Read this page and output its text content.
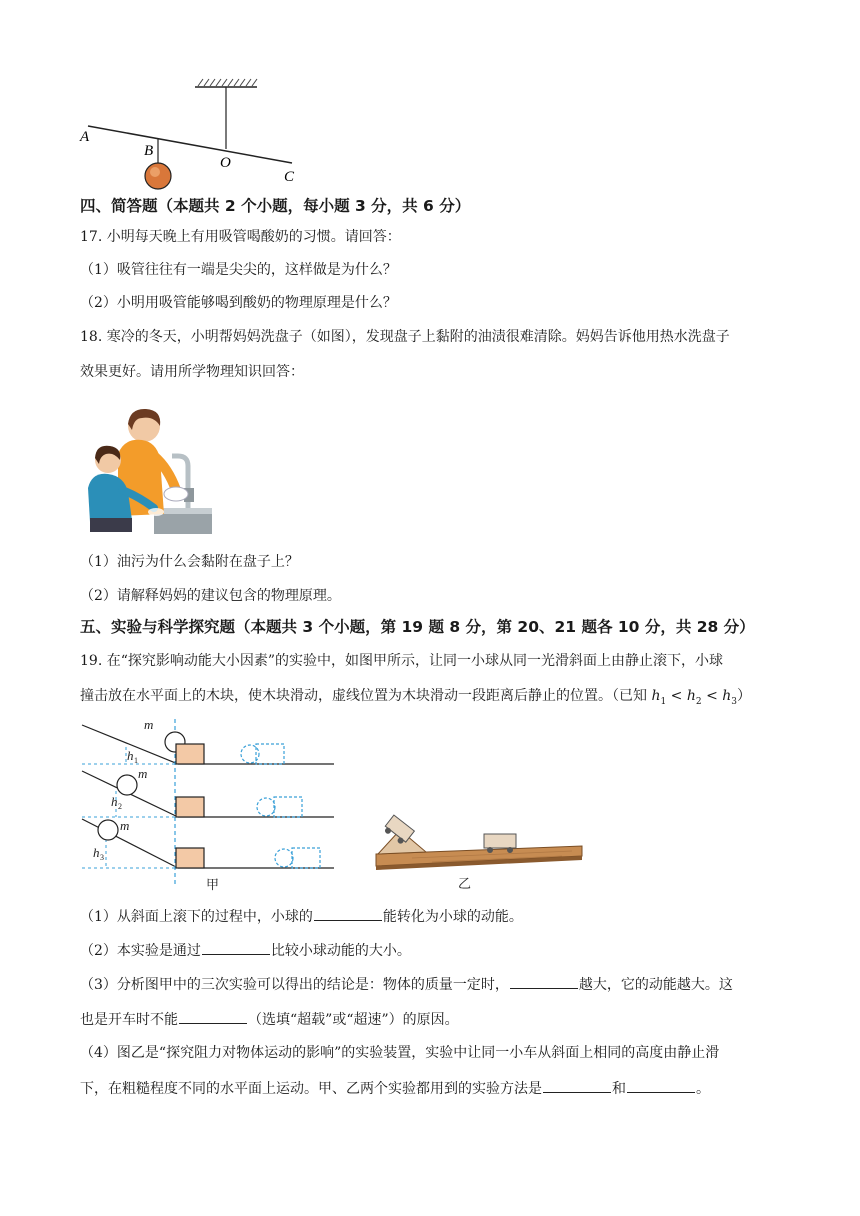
A
B
O
C
四、简答题（本题共 2 个小题，每小题 3 分，共 6 分）
17. 小明每天晚上有用吸管喝酸奶的习惯。请回答：
（1）吸管往往有一端是尖尖的，这样做是为什么？
（2）小明用吸管能够喝到酸奶的物理原理是什么？
18. 寒冷的冬天，小明帮妈妈洗盘子（如图），发现盘子上黏附的油渍很难清除。妈妈告诉他用热水洗盘子
效果更好。请用所学物理知识回答：
（1）油污为什么会黏附在盘子上？
（2）请解释妈妈的建议包含的物理原理。
五、实验与科学探究题（本题共 3 个小题，第 19 题 8 分，第 20、21 题各 10 分，共 28 分）
19. 在“探究影响动能大小因素”的实验中，如图甲所示，让同一小球从同一光滑斜面上由静止滚下，小球
撞击放在水平面上的木块，使木块滑动，虚线位置为木块滑动一段距离后静止的位置。（已知 $h_1 < h_2 < h_3$）
m
m
m
h
h
h
1
2
3
甲	乙
（1）从斜面上滚下的过程中，小球的	能转化为小球的动能。
（2）本实验是通过	比较小球动能的大小。
（3）分析图甲中的三次实验可以得出的结论是：物体的质量一定时，	越大，它的动能越大。这
也是开车时不能	（选填“超载”或“超速”）的原因。
（4）图乙是“探究阻力对物体运动的影响”的实验装置，实验中让同一小车从斜面上相同的高度由静止滑
下，在粗糙程度不同的水平面上运动。甲、乙两个实验都用到的实验方法是	和	。
